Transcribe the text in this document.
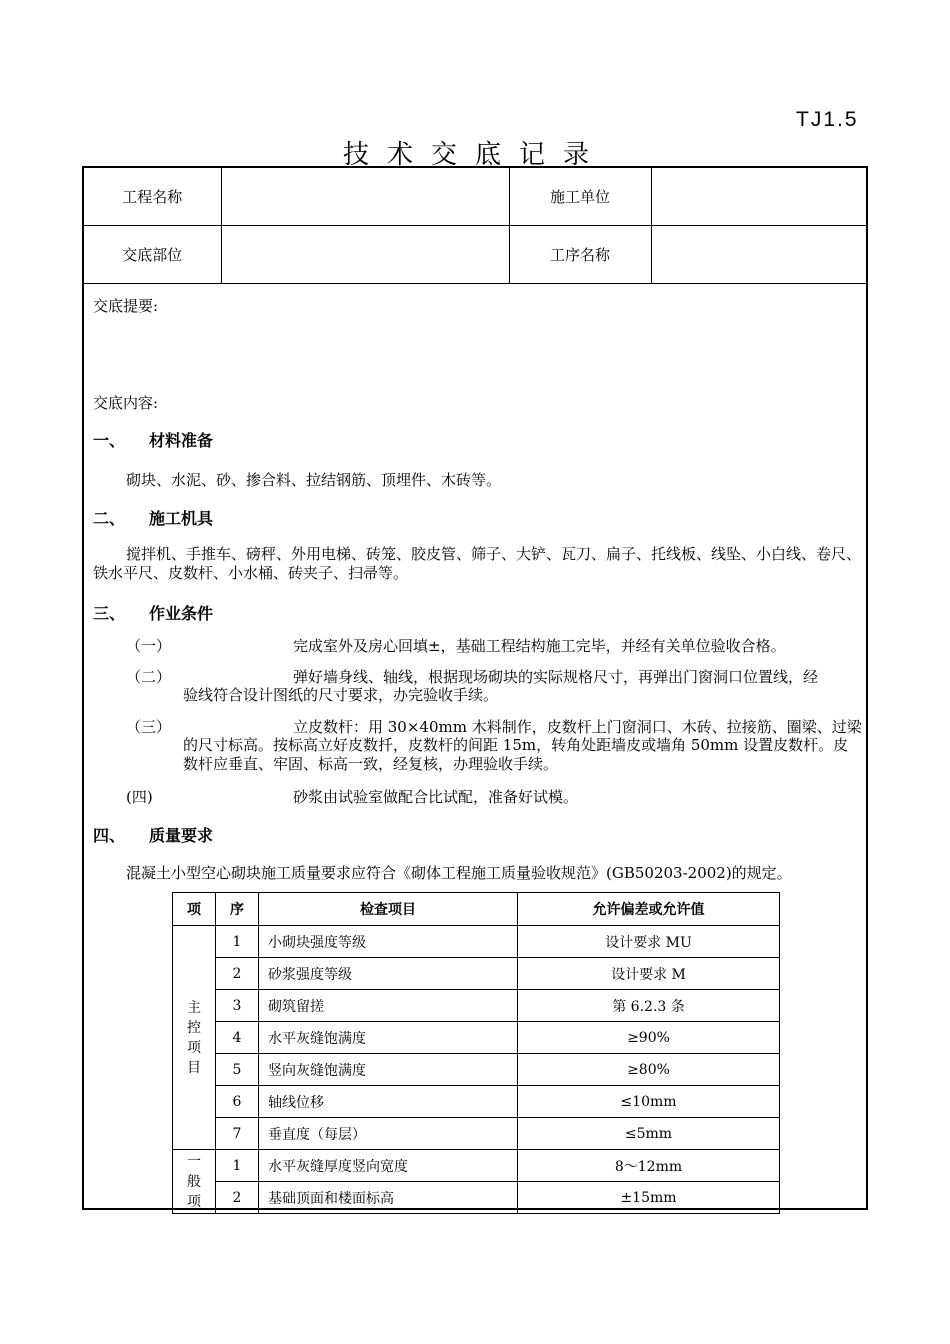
TJ1.5
技术交底记录
工程名称		施工单位	
交底部位		工序名称	
交底提要:
交底内容:
一、 材料准备
砌块、水泥、砂、掺合料、拉结钢筋、顶埋件、木砖等。
二、 施工机具
搅拌机、手推车、磅秤、外用电梯、砖笼、胶皮管、筛子、大铲、瓦刀、扁子、托线板、线坠、小白线、卷尺、铁水平尺、皮数杆、小水桶、砖夹子、扫帚等。
三、 作业条件
（一）	完成室外及房心回填±，基础工程结构施工完毕，并经有关单位验收合格。
（二）	弹好墙身线、轴线，根据现场砌块的实际规格尺寸，再弹出门窗洞口位置线，经
验线符合设计图纸的尺寸要求，办完验收手续。
（三）	立皮数杆：用 30×40mm 木料制作，皮数杆上门窗洞口、木砖、拉接筋、圈梁、过梁
的尺寸标高。按标高立好皮数扦，皮数杆的间距 15m，转角处距墙皮或墙角 50mm 设置皮数杆。皮数杆应垂直、牢固、标高一致，经复核，办理验收手续。
(四)	砂浆由试验室做配合比试配，准备好试模。
四、 质量要求
混凝土小型空心砌块施工质量要求应符合《砌体工程施工质量验收规范》(GB50203-2002)的规定。
项	序	检查项目	允许偏差或允许值

主控项目	1	小砌块强度等级	设计要求 MU
	2	砂浆强度等级	设计要求 M
	3	砌筑留搓	第 6.2.3 条
	4	水平灰缝饱满度	≥90%
	5	竖向灰缝饱满度	≥80%
	6	轴线位移	≤10mm
	7	垂直度（每层）	≤5mm

一般项	1	水平灰缝厚度竖向宽度	8～12mm
	2	基础顶面和楼面标高	±15mm
